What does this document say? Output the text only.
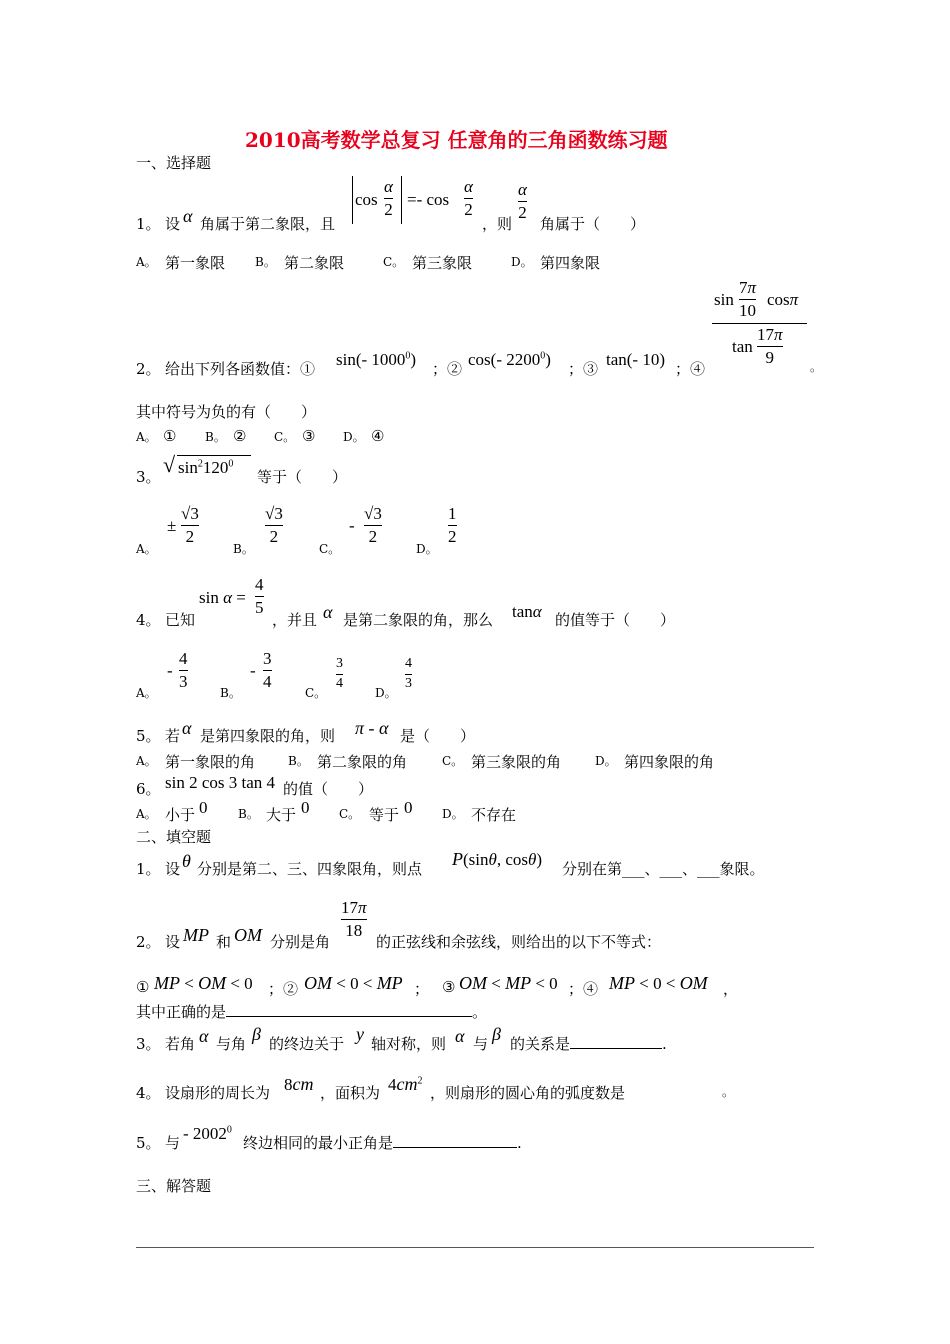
2010高考数学总复习 任意角的三角函数练习题
一、选择题
1。 设 α 角属于第二象限，且
cos
α
2
=- cos
α
2
，则
α
2
角属于（　　）
A。 第一象限 B。 第二象限	C。 第三象限	D。 第四象限
sin
7π
10
cosπ
tan
17π
9
2。 给出下列各函数值：① sin(- 1000$^0$) ；② cos(- 2200$^0$) ；③ tan(- 10) ；④	。
其中符号为负的有（　　）
A。 ① B。 ② C。 ③ D。 ④
3。 √ $\sin^2120^0$
等于（　　）
A。
±
√3
2
B。
√3
2
C。
-
√3
2
D。
1
2
4。 已知
sin α =
4
5
，并且 α 是第二象限的角，那么 tanα 的值等于（　　）
A。
-
4
3
B。
-
3
4
C。
3
4
D。
4
3
5。 若 α 是第四象限的角，则 π - α 是（　　）
A。 第一象限的角	B。 第二象限的角	C。 第三象限的角	D。 第四象限的角
6。 sin 2 cos 3 tan 4 的值（　　）
A。 小于 0	B。 大于 0 C。 等于 0 D。 不存在
二、填空题
1。 设 θ 分别是第二、三、四象限角，则点 P(sinθ, cosθ) 分别在第___、___、___象限。
17π
18
2。 设 MP 和 OM 分别是角	的正弦线和余弦线，则给出的以下不等式：
① MP < OM < 0 ；② OM < 0 < MP ； ③ OM < MP < 0 ；④ MP < 0 < OM ，
其中正确的是	。
3。 若角 α 与角 β 的终边关于 y 轴对称，则 α 与 β 的关系是	.
4。 设扇形的周长为 8cm ，面积为 $4cm^2$
，则扇形的圆心角的弧度数是	。
5。 与 - 2002$^0$
终边相同的最小正角是	.
三、解答题
